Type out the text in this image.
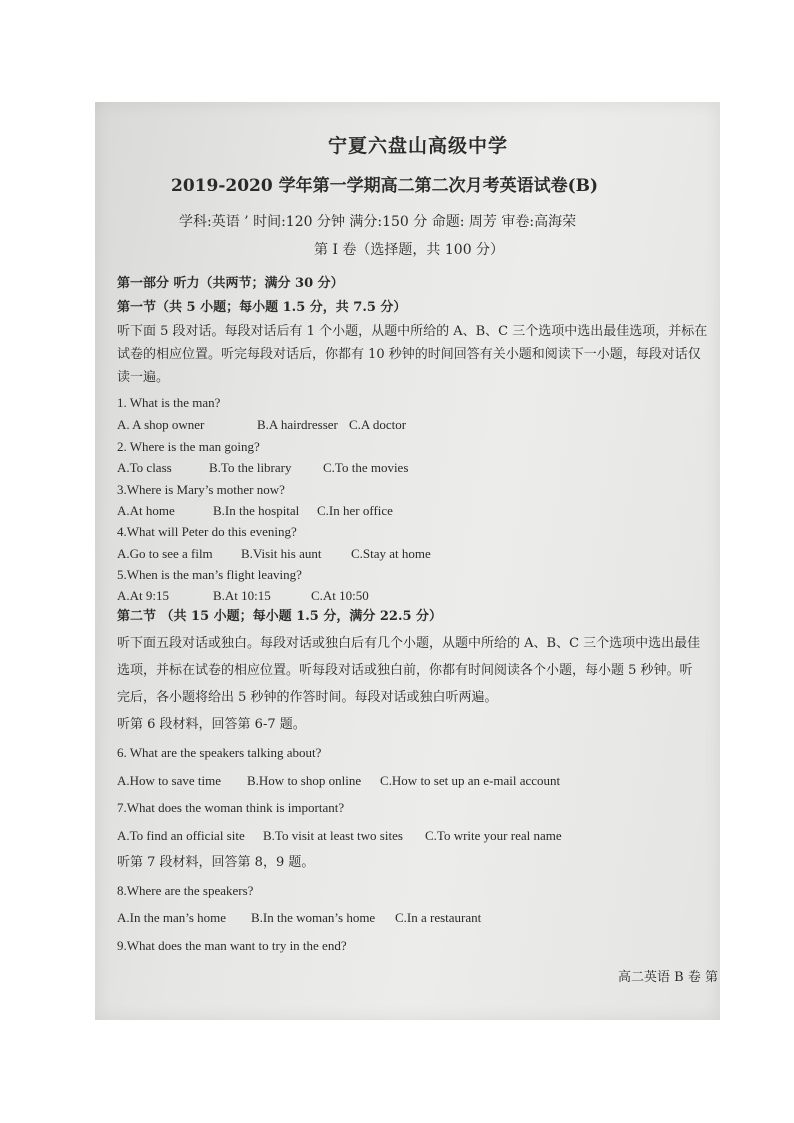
宁夏六盘山高级中学
2019-2020 学年第一学期高二第二次月考英语试卷(B)
学科:英语 ’ 时间:120 分钟 满分:150 分 命题: 周芳 审卷:高海荣
第 I 卷（选择题，共 100 分）
第一部分 听力（共两节；满分 30 分）
第一节（共 5 小题；每小题 1.5 分，共 7.5 分）
听下面 5 段对话。每段对话后有 1 个小题，从题中所给的 A、B、C 三个选项中选出最佳选项，并标在
试卷的相应位置。听完每段对话后，你都有 10 秒钟的时间回答有关小题和阅读下一小题，每段对话仅
读一遍。
1. What is the man?
A. A shop owner	B.A hairdresser C.A doctor
2. Where is the man going?
A.To class	B.To the library C.To the movies
3.Where is Mary’s mother now?
A.At home	B.In the hospital C.In her office
4.What will Peter do this evening?
A.Go to see a film B.Visit his aunt C.Stay at home
5.When is the man’s flight leaving?
A.At 9:15	B.At 10:15	C.At 10:50
第二节 （共 15 小题；每小题 1.5 分，满分 22.5 分）
听下面五段对话或独白。每段对话或独白后有几个小题，从题中所给的 A、B、C 三个选项中选出最佳
选项，并标在试卷的相应位置。听每段对话或独白前，你都有时间阅读各个小题，每小题 5 秒钟。听
完后，各小题将给出 5 秒钟的作答时间。每段对话或独白听两遍。
听第 6 段材料，回答第 6-7 题。
6. What are the speakers talking about?
A.How to save time B.How to shop online C.How to set up an e-mail account
7.What does the woman think is important?
A.To find an official site B.To visit at least two sites C.To write your real name
听第 7 段材料，回答第 8，9 题。
8.Where are the speakers?
A.In the man’s home B.In the woman’s home C.In a restaurant
9.What does the man want to try in the end?
高二英语 B 卷 第
